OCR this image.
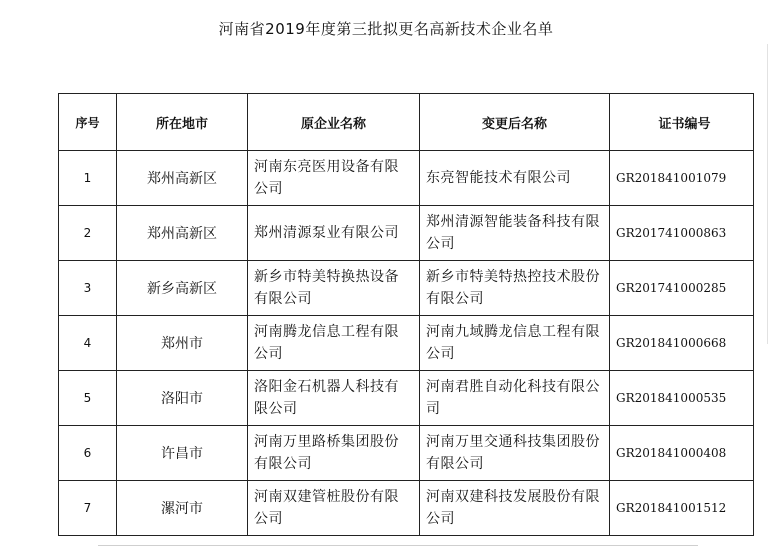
河南省2019年度第三批拟更名高新技术企业名单
序号	所在地市	原企业名称	变更后名称	证书编号
1	郑州高新区	河南东亮医用设备有限公司	东亮智能技术有限公司	GR201841001079
2	郑州高新区	郑州清源泵业有限公司	郑州清源智能装备科技有限公司	GR201741000863
3	新乡高新区	新乡市特美特换热设备有限公司	新乡市特美特热控技术股份有限公司	GR201741000285
4	郑州市	河南腾龙信息工程有限公司	河南九域腾龙信息工程有限公司	GR201841000668
5	洛阳市	洛阳金石机器人科技有限公司	河南君胜自动化科技有限公司	GR201841000535
6	许昌市	河南万里路桥集团股份有限公司	河南万里交通科技集团股份有限公司	GR201841000408
7	漯河市	河南双建管桩股份有限公司	河南双建科技发展股份有限公司	GR201841001512
